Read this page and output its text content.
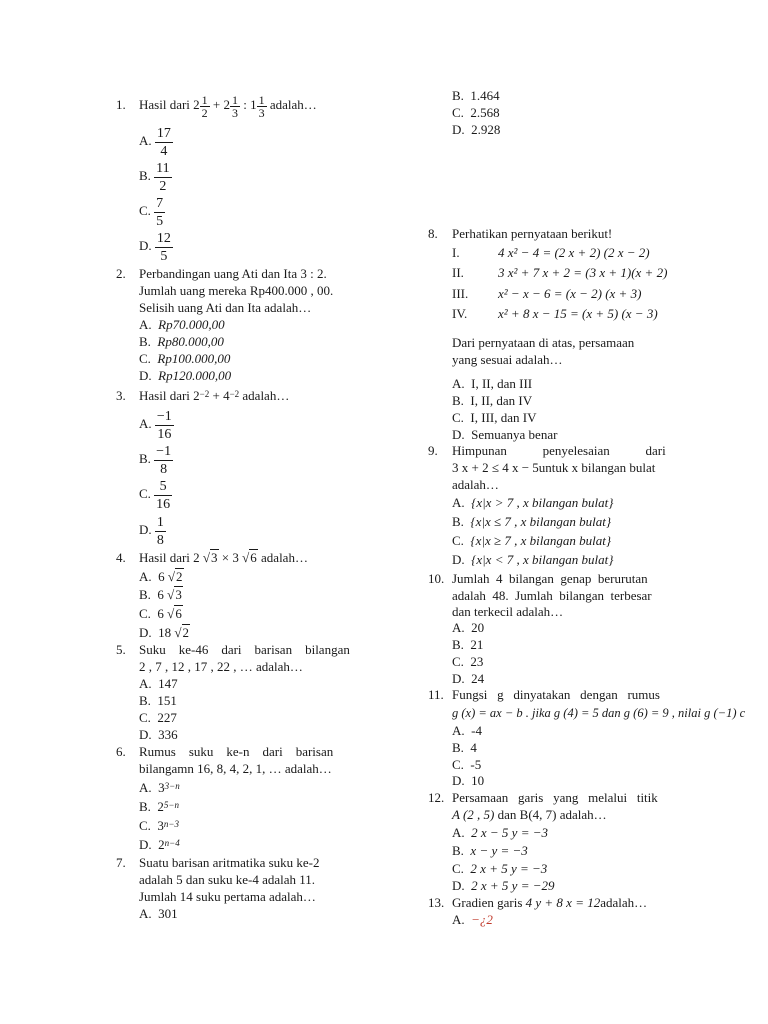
1. Hasil dari $2 \frac{1}{2} + 2 \frac{1}{3}$ : $1 \frac{1}{3}$ adalah…
A. $\frac{17}{4}$
B. $\frac{11}{2}$
C. $\frac{7}{5}$
D. $\frac{12}{5}$
2. Perbandingan uang Ati dan Ita 3 : 2.
Jumlah uang mereka Rp400.000 , 00.
Selisih uang Ati dan Ita adalah…
A. Rp70.000,00
B. Rp80.000,00
C. Rp100.000,00
D. Rp120.000,00
3. Hasil dari $2^{-2} + 4^{-2}$ adalah…
A. $\frac{-1}{16}$
B. $\frac{-1}{8}$
C. $\frac{5}{16}$
D. $\frac{1}{8}$
4. Hasil dari 2 √3 × 3 √6 adalah…
A. 6 √2
B. 6 √3
C. 6 √6
D. 18 √2
5. Suku    ke-46    dari    barisan    bilangan
2 , 7 , 12 , 17 , 22 , … adalah…
A. 147
B. 151
C. 227
D. 336
6. Rumus    suku    ke-n    dari    barisan
bilangamn 16, 8, 4, 2, 1, … adalah…
A. $3^{3-n}$
B. $2^{5-n}$
C. $3^{n-3}$
D. $2^{n-4}$
7. Suatu barisan aritmatika suku ke-2
adalah 5 dan suku ke-4 adalah 11.
Jumlah 14 suku pertama adalah…
A. 301
B. 1.464
C. 2.568
D. 2.928
8. Perhatikan pernyataan berikut!
I.	4 x² − 4 = (2 x + 2) (2 x − 2)
II.	3 x² + 7 x + 2 = (3 x + 1)(x + 2)
III. x² − x − 6 = (x − 2) (x + 3)
IV. x² + 8 x − 15 = (x + 5) (x − 3)
Dari pernyataan di atas, persamaan
yang sesuai adalah…
A. I, II, dan III
B. I, II, dan IV
C. I, III, dan IV
D. Semuanya benar
9. Himpunan           penyelesaian           dari
3 x + 2 ≤ 4 x − 5untuk x bilangan bulat
adalah…
A. {x|x > 7 , x bilangan bulat}
B. {x|x ≤ 7 , x bilangan bulat}
C. {x|x ≥ 7 , x bilangan bulat}
D. {x|x < 7 , x bilangan bulat}
10. Jumlah  4  bilangan  genap  berurutan
adalah  48.  Jumlah  bilangan  terbesar
dan terkecil adalah…
A. 20
B. 21
C. 23
D. 24
11. Fungsi   g   dinyatakan   dengan   rumus
g (x) = ax − b . jika g (4) = 5 dan g (6) = 9 , nilai g (−1) c
A. -4
B. 4
C. -5
D. 10
12. Persamaan   garis   yang   melalui   titik
A (2 , 5) dan B(4, 7) adalah…
A. 2 x − 5 y = −3
B. x − y = −3
C. 2 x + 5 y = −3
D. 2 x + 5 y = −29
13. Gradien garis 4 y + 8 x = 12adalah…
A. −¿2
